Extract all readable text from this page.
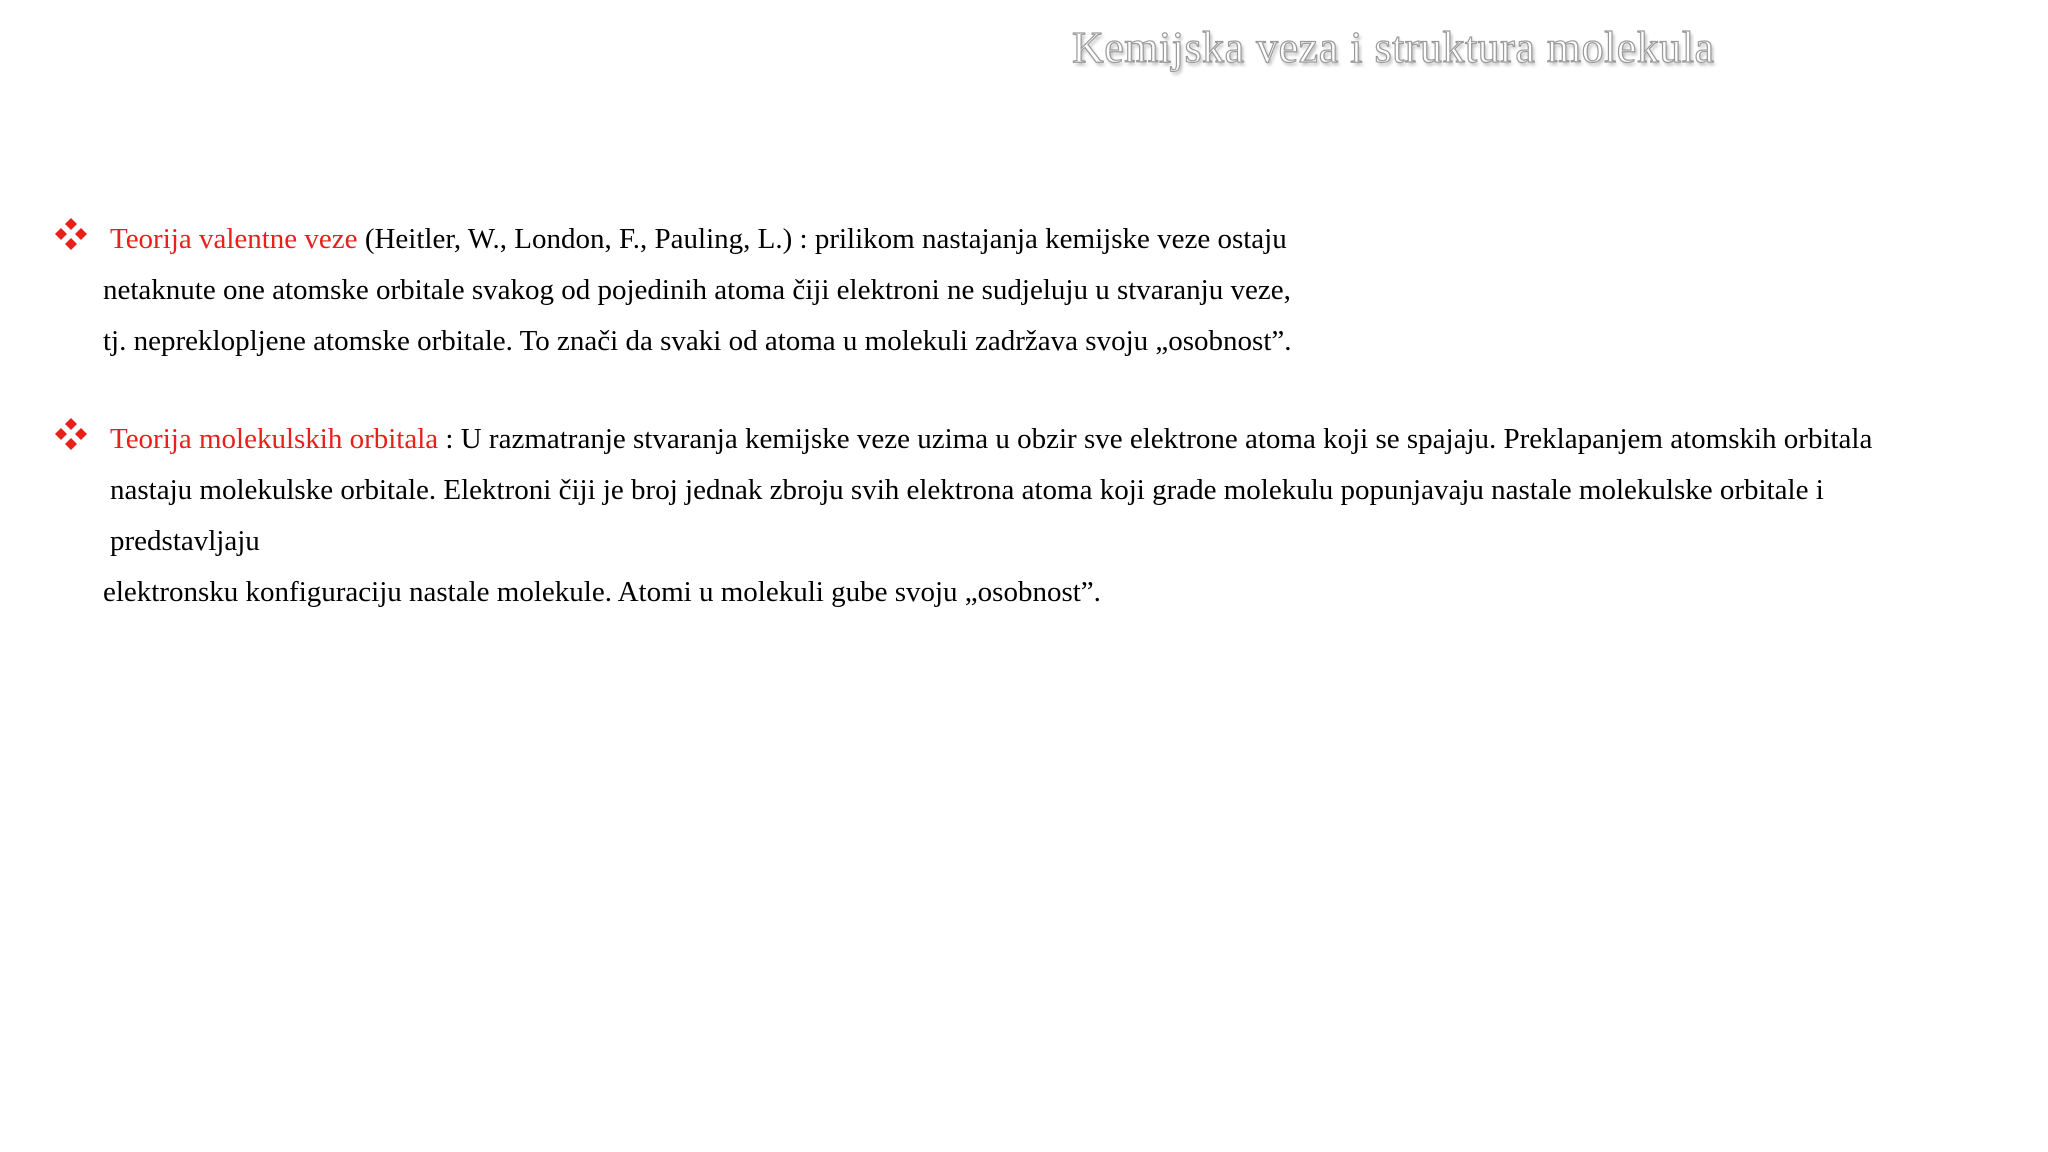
Kemijska veza i struktura molekula
Teorija valentne veze (Heitler, W., London, F., Pauling, L.) : prilikom nastajanja kemijske veze ostaju
netaknute one atomske orbitale svakog od pojedinih atoma čiji elektroni ne sudjeluju u stvaranju veze,
tj. nepreklopljene atomske orbitale. To znači da svaki od atoma u molekuli zadržava svoju „osobnost”.
Teorija molekulskih orbitala : U razmatranje stvaranja kemijske veze uzima u obzir sve elektrone atoma koji se spajaju. Preklapanjem atomskih orbitala
nastaju molekulske orbitale. Elektroni čiji je broj jednak zbroju svih elektrona atoma koji grade molekulu popunjavaju nastale molekulske orbitale i
predstavljaju
elektronsku konfiguraciju nastale molekule. Atomi u molekuli gube svoju „osobnost”.
